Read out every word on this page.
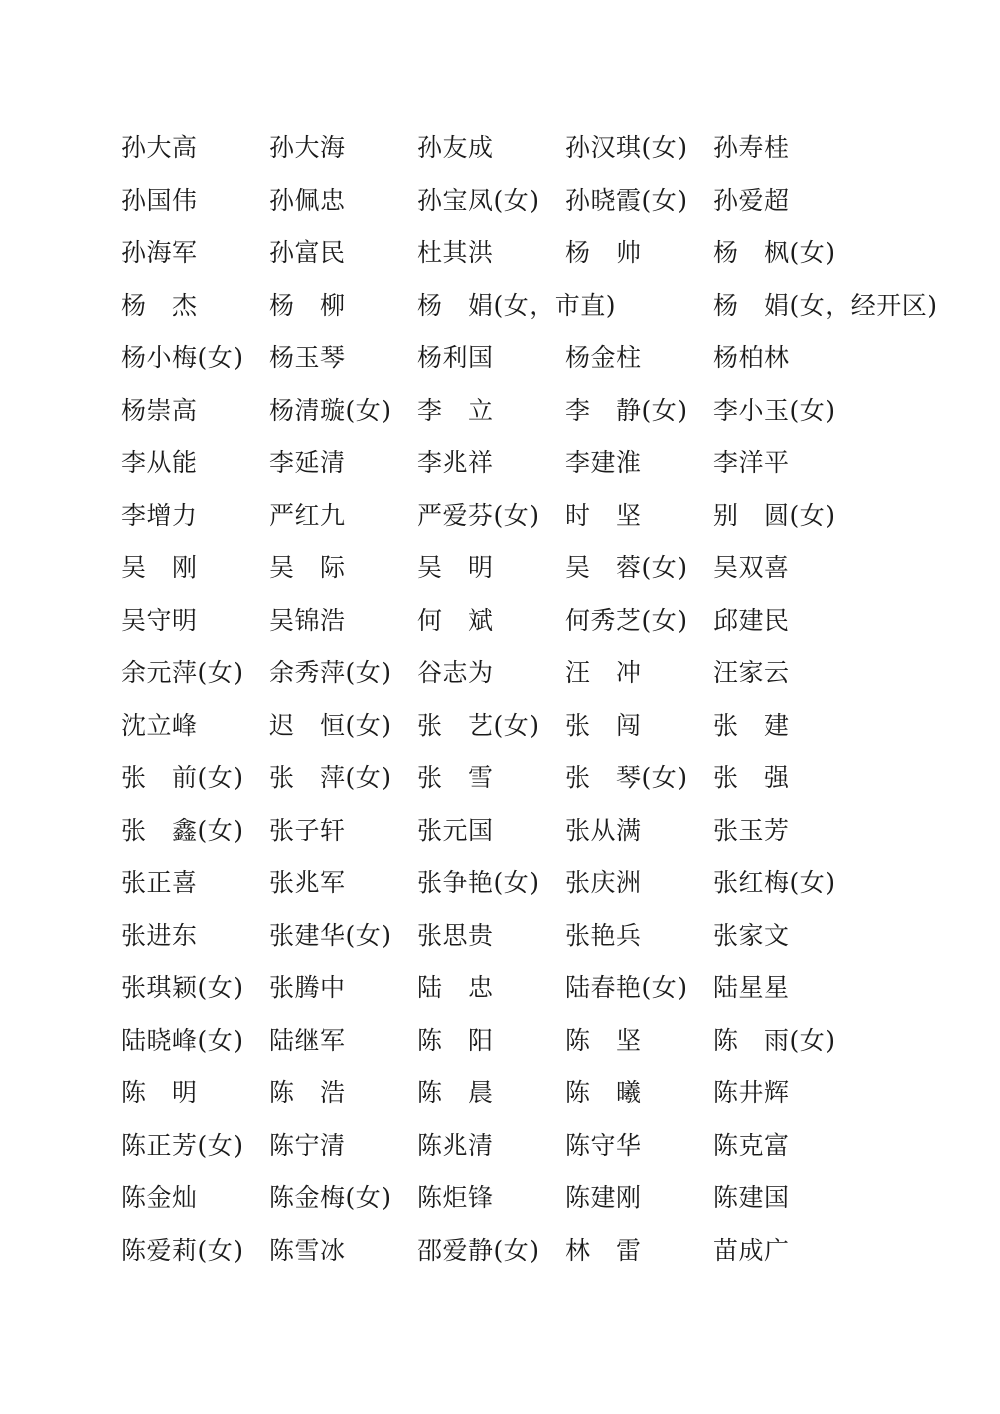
孙大高	孙大海	孙友成	孙汉琪(女) 孙寿桂
孙国伟	孙佩忠	孙宝凤(女) 孙晓霞(女) 孙爱超
孙海军	孙富民	杜其洪	杨　帅	杨　枫(女)
杨　杰	杨　柳	杨　娟(女，市直)	杨　娟(女，经开区)
杨小梅(女) 杨玉琴	杨利国	杨金柱	杨柏林
杨崇高	杨清璇(女) 李　立	李　静(女) 李小玉(女)
李从能	李延清	李兆祥	李建淮	李洋平
李增力	严红九	严爱芬(女) 时　坚	别　圆(女)
吴　刚	吴　际	吴　明	吴　蓉(女) 吴双喜
吴守明	吴锦浩	何　斌	何秀芝(女) 邱建民
余元萍(女) 余秀萍(女) 谷志为	汪　冲	汪家云
沈立峰	迟　恒(女) 张　艺(女) 张　闯	张　建
张　前(女) 张　萍(女) 张　雪	张　琴(女) 张　强
张　鑫(女) 张子轩	张元国	张从满	张玉芳
张正喜	张兆军	张争艳(女) 张庆洲	张红梅(女)
张进东	张建华(女) 张思贵	张艳兵	张家文
张琪颖(女) 张腾中	陆　忠	陆春艳(女) 陆星星
陆晓峰(女) 陆继军	陈　阳	陈　坚	陈　雨(女)
陈　明	陈　浩	陈　晨	陈　曦	陈井辉
陈正芳(女) 陈宁清	陈兆清	陈守华	陈克富
陈金灿	陈金梅(女) 陈炬锋	陈建刚	陈建国
陈爱莉(女) 陈雪冰	邵爱静(女) 林　雷	苗成广
